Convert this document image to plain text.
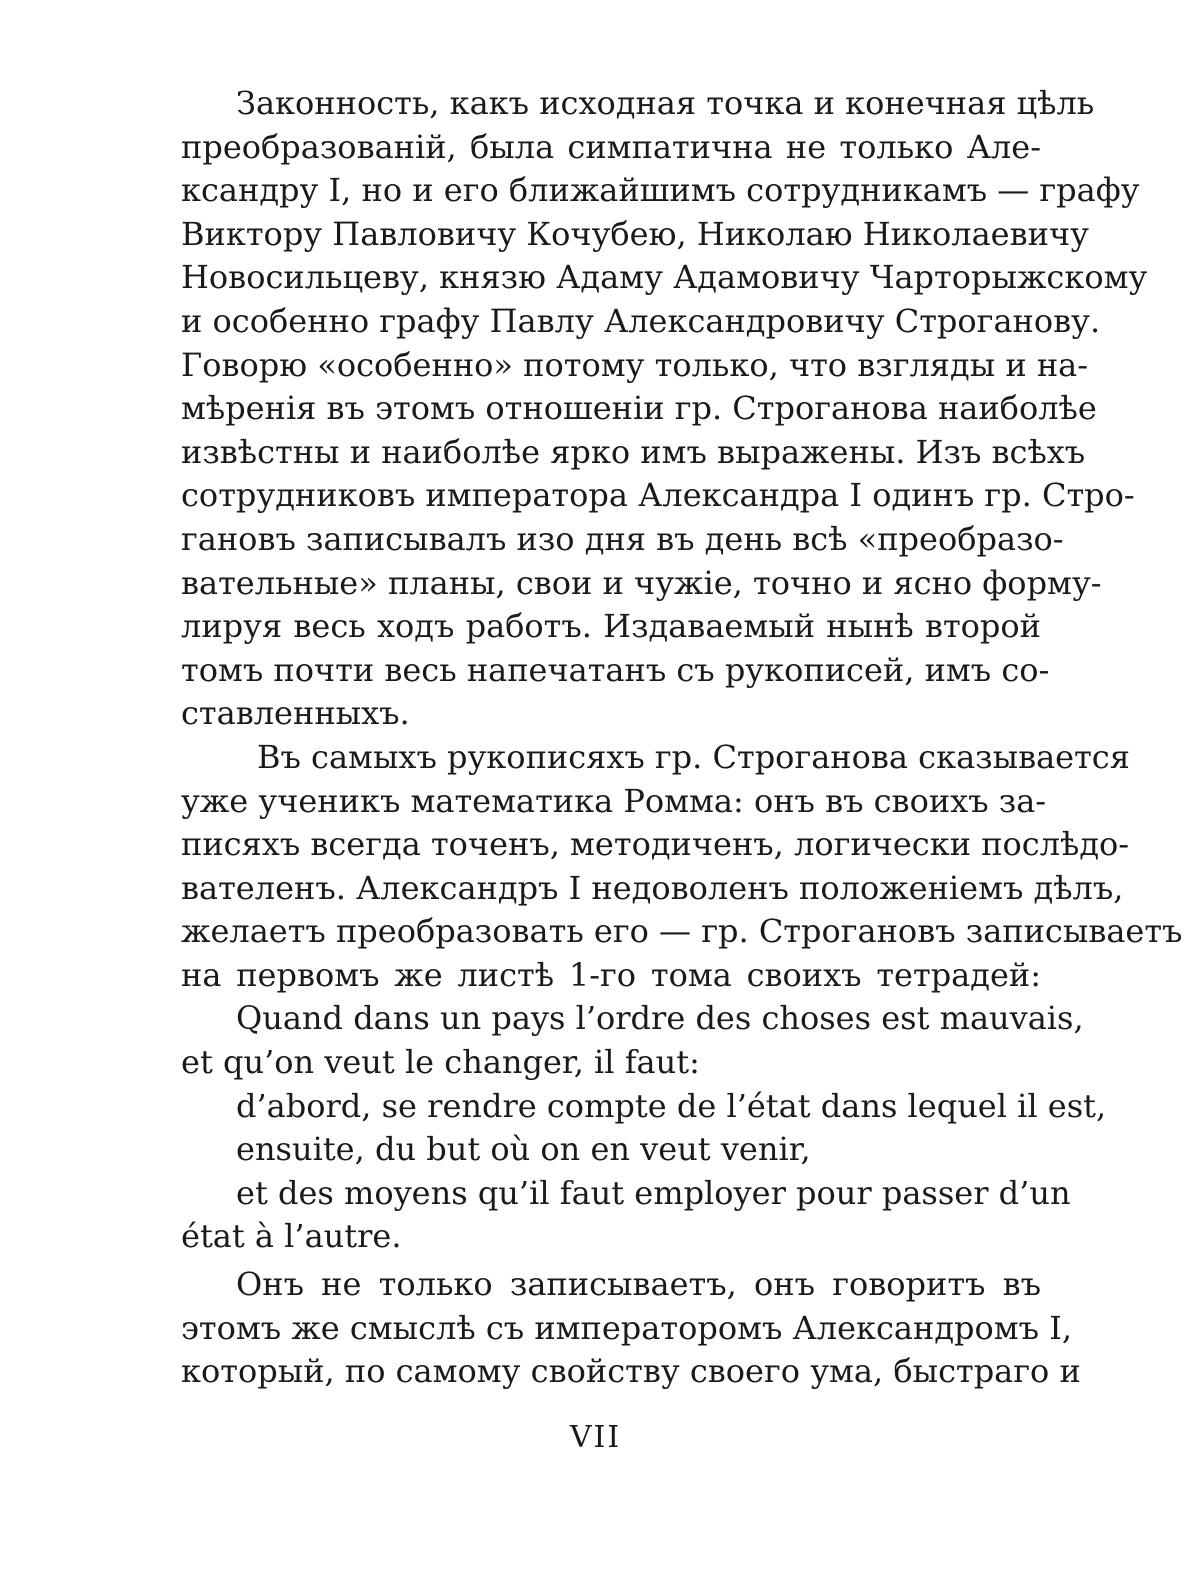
Законность, какъ исходная точка и конечная цѣль
преобразованій, была симпатична не только Але-
ксандру I, но и его ближайшимъ сотрудникамъ — графу
Виктору Павловичу Кочубею, Николаю Николаевичу
Новосильцеву, князю Адаму Адамовичу Чарторыжскому
и особенно графу Павлу Александровичу Строганову.
Говорю «особенно» потому только, что взгляды и на-
мѣренія въ этомъ отношеніи гр. Строганова наиболѣе
извѣстны и наиболѣе ярко имъ выражены. Изъ всѣхъ
сотрудниковъ императора Александра I одинъ гр. Стро-
гановъ записывалъ изо дня въ день всѣ «преобразо-
вательные» планы, свои и чужіе, точно и ясно форму-
лируя весь ходъ работъ. Издаваемый нынѣ второй
томъ почти весь напечатанъ съ рукописей, имъ со-
ставленныхъ.

Въ самыхъ рукописяхъ гр. Строганова сказывается
уже ученикъ математика Ромма: онъ въ своихъ за-
писяхъ всегда точенъ, методиченъ, логически послѣдо-
вателенъ. Александръ I недоволенъ положеніемъ дѣлъ,
желаетъ преобразовать его — гр. Строгановъ записываетъ
на первомъ же листѣ 1-го тома своихъ тетрадей:

Quand dans un pays l’ordre des choses est mauvais,
et qu’on veut le changer, il faut:
d’abord, se rendre compte de l’état dans lequel il est,
ensuite, du but où on en veut venir,
et des moyens qu’il faut employer pour passer d’un
état à l’autre.

Онъ не только записываетъ, онъ говоритъ въ
этомъ же смыслѣ съ императоромъ Александромъ I,
который, по самому свойству своего ума, быстраго и

VII
